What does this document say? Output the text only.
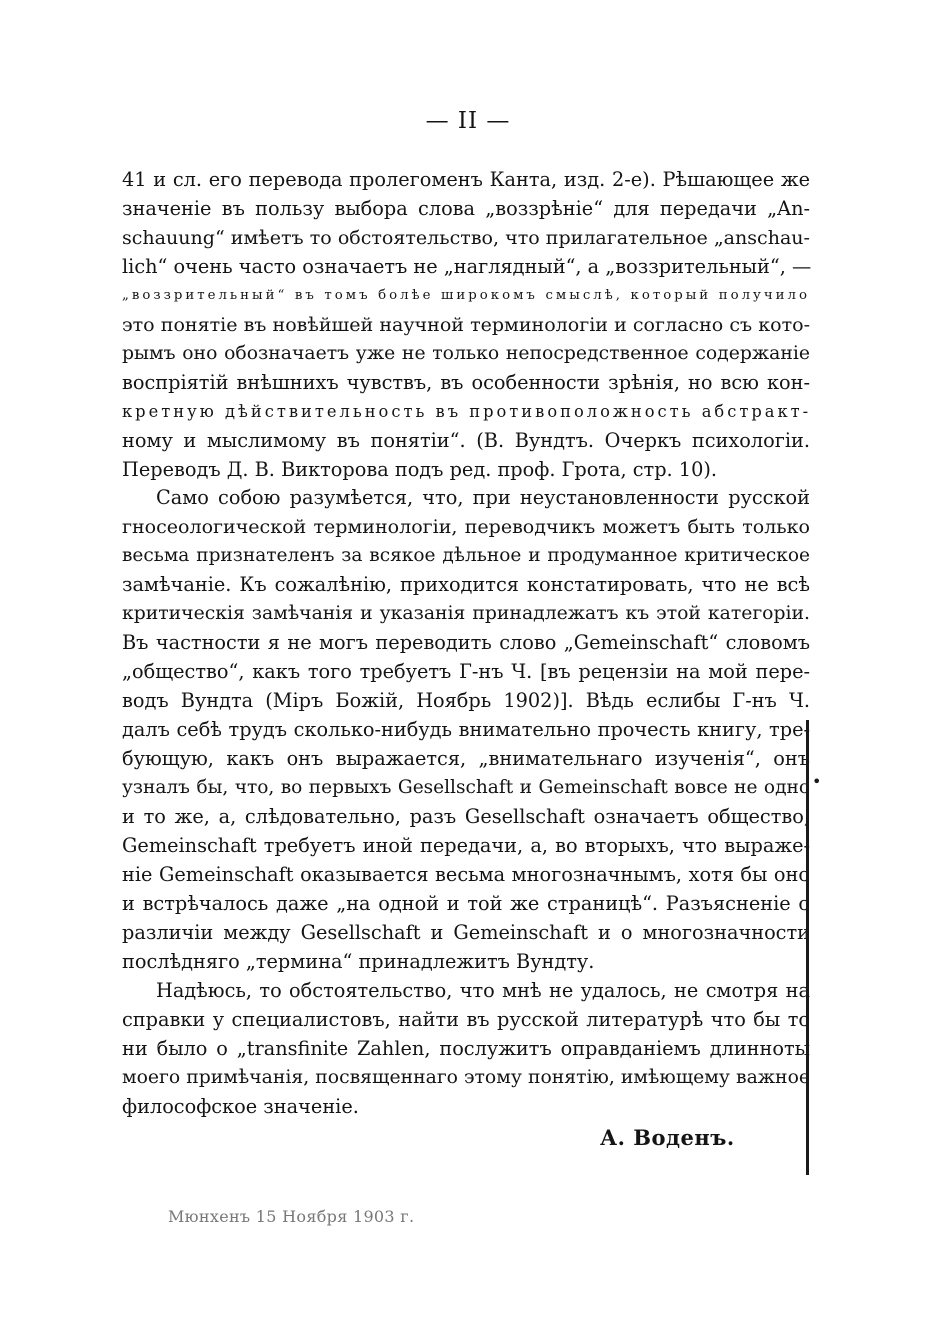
— II —
41 и сл. его перевода пролегоменъ Канта, изд. 2-е). Рѣшающее же
значенiе въ пользу выбора слова „воззрѣнiе“ для передачи „An-
schauung“ имѣетъ то обстоятельство, что прилагательное „anschau-
lich“ очень часто означаетъ не „наглядный“, а „воззрительный“, —
„воззрительный“ въ томъ болѣе широкомъ смыслѣ, который получило
это понятiе въ новѣйшей научной терминологiи и согласно съ кото-
рымъ оно обозначаетъ уже не только непосредственное содержанiе
воспрiятiй внѣшнихъ чувствъ, въ особенности зрѣнiя, но всю кон-
кретную дѣйствительность въ противоположность абстракт-
ному и мыслимому въ понятiи“. (В. Вундтъ. Очеркъ психологiи.
Переводъ Д. В. Викторова подъ ред. проф. Грота, стр. 10).
Само собою разумѣется, что, при неустановленности русской
гносеологической терминологiи, переводчикъ можетъ быть только
весьма признателенъ за всякое дѣльное и продуманное критическое
замѣчанiе. Къ сожалѣнiю, приходится констатировать, что не всѣ
критическiя замѣчанiя и указанiя принадлежатъ къ этой категорiи.
Въ частности я не могъ переводить слово „Gemeinschaft“ словомъ
„общество“, какъ того требуетъ Г-нъ Ч. [въ рецензiи на мой пере-
водъ Вундта (Мiръ Божiй, Ноябрь 1902)]. Вѣдь еслибы Г-нъ Ч.
далъ себѣ трудъ сколько-нибудь внимательно прочесть книгу, тре-
бующую, какъ онъ выражается, „внимательнаго изученiя“, онъ
узналъ бы, что, во первыхъ Gesellschaft и Gemeinschaft вовсе не одно
и то же, а, слѣдовательно, разъ Gesellschaft означаетъ общество,
Gemeinschaft требуетъ иной передачи, а, во вторыхъ, что выраже-
нiе Gemeinschaft оказывается весьма многозначнымъ, хотя бы оно
и встрѣчалось даже „на одной и той же страницѣ“. Разъясненiе о
различiи между Gesellschaft и Gemeinschaft и о многозначности
послѣдняго „термина“ принадлежитъ Вундту.
Надѣюсь, то обстоятельство, что мнѣ не удалось, не смотря на
справки у специалистовъ, найти въ русской литературѣ что бы то
ни было о „transfinite Zahlen, послужитъ оправданiемъ длинноты
моего примѣчанiя, посвященнаго этому понятiю, имѣющему важное
философское значенiе.
А. Воденъ.
Мюнхенъ 15 Ноября 1903 г.
•
